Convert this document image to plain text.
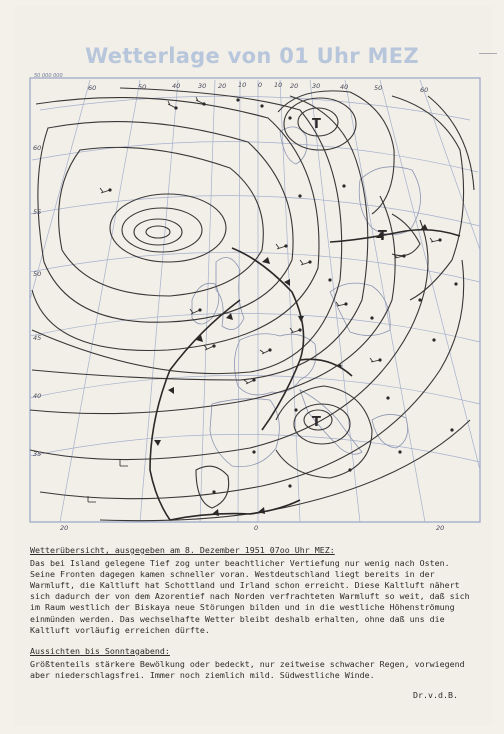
Wetterlage von 01 Uhr MEZ
50 000 000
T
T
T
60	50	40	30 20 10 0 10 20 30	40	50	60
60
55
50
45
40
35
20	0	20

Wetterübersicht, ausgegeben am 8. Dezember 1951 07oo Uhr MEZ:

Das bei Island gelegene Tief zog unter beachtlicher Vertiefung nur wenig nach Osten. Seine Fronten dagegen kamen schneller voran. Westdeutschland liegt bereits in der Warmluft, die Kaltluft hat Schottland und Irland schon erreicht. Diese Kaltluft nähert sich dadurch der von dem Azorentief nach Norden verfrachteten Warmluft so weit, daß sich im Raum westlich der Biskaya neue Störungen bilden und in die westliche Höhenströmung einmünden werden. Das wechselhafte Wetter bleibt deshalb erhalten, ohne daß uns die Kaltluft vorläufig erreichen dürfte.

Aussichten bis Sonntagabend:

Größtenteils stärkere Bewölkung oder bedeckt, nur zeitweise schwacher Regen, vorwiegend aber niederschlagsfrei. Immer noch ziemlich mild. Südwestliche Winde.

Dr.v.d.B.
